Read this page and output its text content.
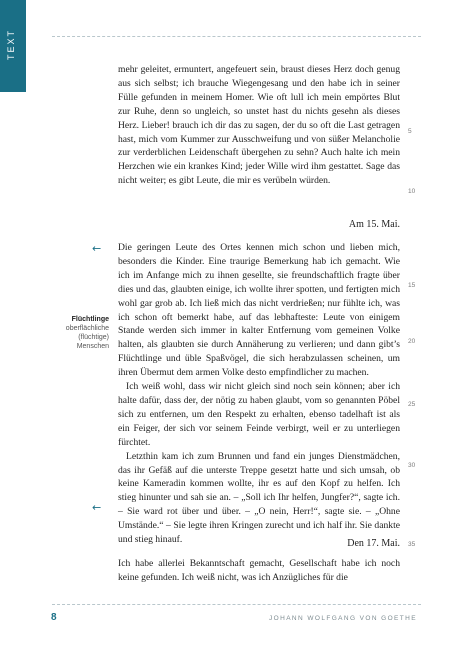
TEXT

mehr geleitet, ermuntert, angefeuert sein, braust dieses Herz doch genug aus sich selbst; ich brauche Wiegengesang und den habe ich in seiner Fülle gefunden in meinem Homer. Wie oft lull ich mein empörtes Blut zur Ruhe, denn so ungleich, so unstet hast du nichts gesehn als dieses Herz. Lieber! brauch ich dir das zu sagen, der du so oft die Last getragen hast, mich vom Kummer zur Ausschweifung und von süßer Melancholie zur verderblichen Leidenschaft übergehen zu sehn? Auch halte ich mein Herzchen wie ein krankes Kind; jeder Wille wird ihm gestattet. Sage das nicht weiter; es gibt Leute, die mir es verübeln würden.

Am 15. Mai.

Die geringen Leute des Ortes kennen mich schon und lieben mich, besonders die Kinder. Eine traurige Bemerkung hab ich gemacht. Wie ich im Anfange mich zu ihnen gesellte, sie freundschaftlich fragte über dies und das, glaubten einige, ich wollte ihrer spotten, und fertigten mich wohl gar grob ab. Ich ließ mich das nicht verdrießen; nur fühlte ich, was ich schon oft bemerkt habe, auf das lebhafteste: Leute von einigem Stande werden sich immer in kalter Entfernung vom gemeinen Volke halten, als glaubten sie durch Annäherung zu verlieren; und dann gibt’s Flüchtlinge und üble Spaßvögel, die sich herabzulassen scheinen, um ihren Übermut dem armen Volke desto empfindlicher zu machen.

Ich weiß wohl, dass wir nicht gleich sind noch sein können; aber ich halte dafür, dass der, der nötig zu haben glaubt, vom so genannten Pöbel sich zu entfernen, um den Respekt zu erhalten, ebenso tadelhaft ist als ein Feiger, der sich vor seinem Feinde verbirgt, weil er zu unterliegen fürchtet.

Letzthin kam ich zum Brunnen und fand ein junges Dienstmädchen, das ihr Gefäß auf die unterste Treppe gesetzt hatte und sich umsah, ob keine Kameradin kommen wollte, ihr es auf den Kopf zu helfen. Ich stieg hinunter und sah sie an. – „Soll ich Ihr helfen, Jungfer?“, sagte ich. – Sie ward rot über und über. – „O nein, Herr!“, sagte sie. – „Ohne Umstände.“ – Sie legte ihren Kringen zurecht und ich half ihr. Sie dankte und stieg hinauf.	Den 17. Mai.

Ich habe allerlei Bekanntschaft gemacht, Gesellschaft habe ich noch keine gefunden. Ich weiß nicht, was ich Anzügliches für die

5
10
15
20
25
30
35
←
←
Flüchtlinge
oberflächliche
(flüchtige)
Menschen
8	JOHANN WOLFGANG VON GOETHE
